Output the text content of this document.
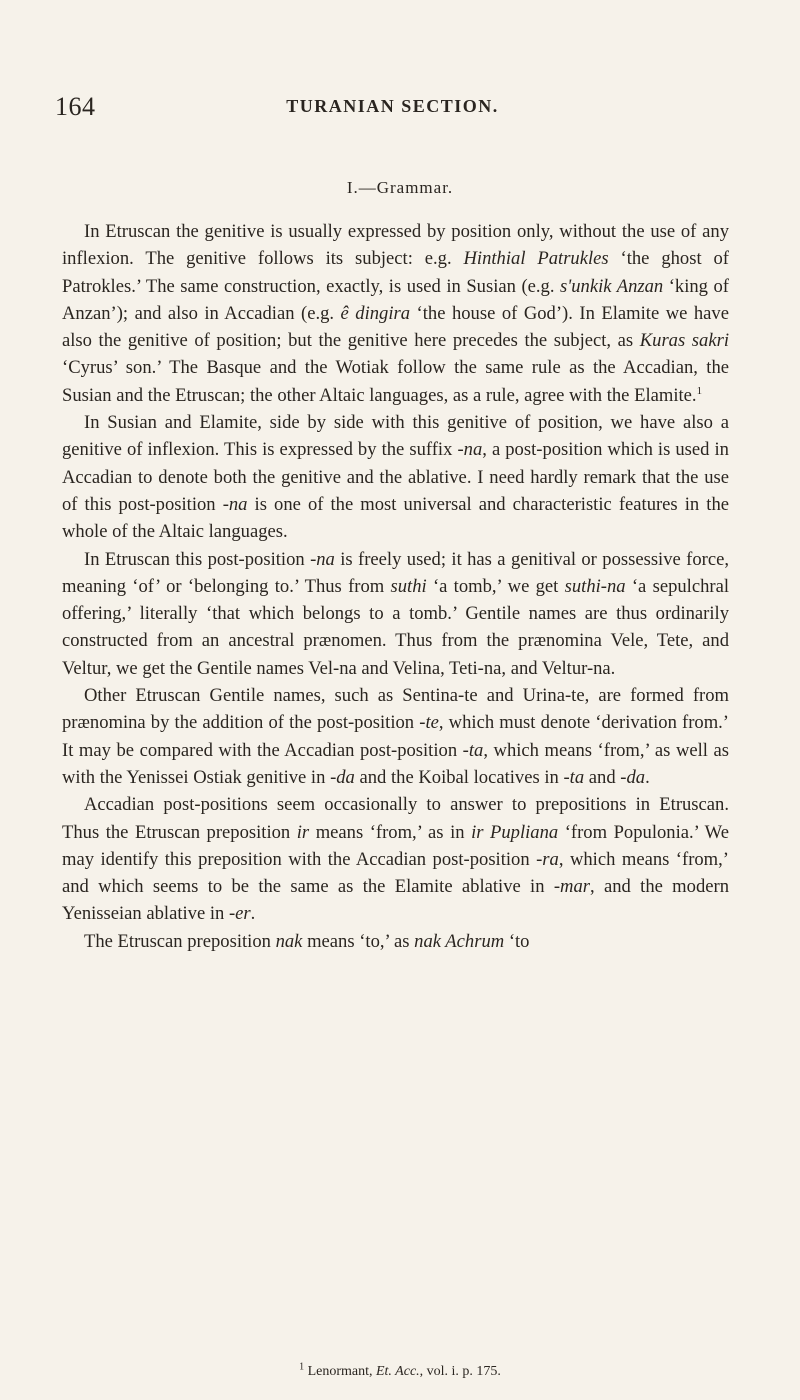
164	TURANIAN SECTION.
I.—Grammar.

In Etruscan the genitive is usually expressed by position only, without the use of any inflexion. The genitive follows its subject: e.g. Hinthial Patrukles ‘the ghost of Patrokles.’ The same construction, exactly, is used in Susian (e.g. s'unkik Anzan ‘king of Anzan’); and also in Accadian (e.g. ê dingira ‘the house of God’). In Elamite we have also the genitive of position; but the genitive here precedes the subject, as Kuras sakri ‘Cyrus’ son.’ The Basque and the Wotiak follow the same rule as the Accadian, the Susian and the Etruscan; the other Altaic languages, as a rule, agree with the Elamite.$^1$

In Susian and Elamite, side by side with this genitive of position, we have also a genitive of inflexion. This is expressed by the suffix -na, a post-position which is used in Accadian to denote both the genitive and the ablative. I need hardly remark that the use of this post-position -na is one of the most universal and characteristic features in the whole of the Altaic languages.

In Etruscan this post-position -na is freely used; it has a genitival or possessive force, meaning ‘of’ or ‘belonging to.’ Thus from suthi ‘a tomb,’ we get suthi-na ‘a sepulchral offering,’ literally ‘that which belongs to a tomb.’ Gentile names are thus ordinarily constructed from an ancestral prænomen. Thus from the prænomina Vele, Tete, and Veltur, we get the Gentile names Vel-na and Velina, Teti-na, and Veltur-na.

Other Etruscan Gentile names, such as Sentina-te and Urina-te, are formed from prænomina by the addition of the post-position -te, which must denote ‘derivation from.’ It may be compared with the Accadian post-position -ta, which means ‘from,’ as well as with the Yenissei Ostiak genitive in -da and the Koibal locatives in -ta and -da.

Accadian post-positions seem occasionally to answer to prepositions in Etruscan. Thus the Etruscan preposition ir means ‘from,’ as in ir Pupliana ‘from Populonia.’ We may identify this preposition with the Accadian post-position -ra, which means ‘from,’ and which seems to be the same as the Elamite ablative in -mar, and the modern Yenisseian ablative in -er.

The Etruscan preposition nak means ‘to,’ as nak Achrum ‘to

$^1$ Lenormant, Et. Acc., vol. i. p. 175.
